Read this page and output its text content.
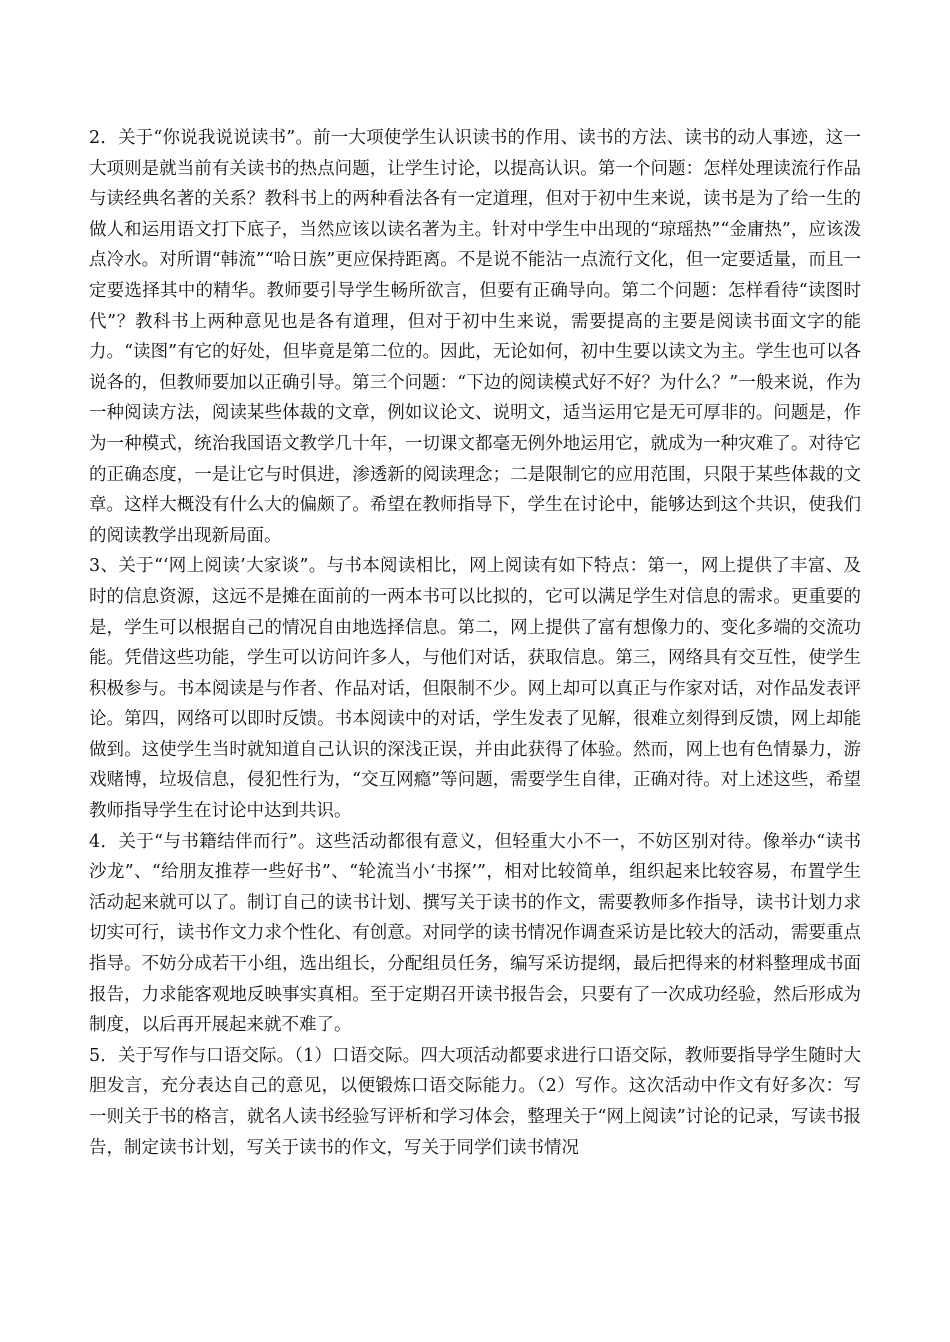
2．关于“你说我说说读书”。前一大项使学生认识读书的作用、读书的方法、读书的动人事迹，这一大项则是就当前有关读书的热点问题，让学生讨论，以提高认识。第一个问题：怎样处理读流行作品与读经典名著的关系？教科书上的两种看法各有一定道理，但对于初中生来说，读书是为了给一生的做人和运用语文打下底子，当然应该以读名著为主。针对中学生中出现的“琼瑶热”“金庸热”，应该泼点冷水。对所谓“韩流”“哈日族”更应保持距离。不是说不能沾一点流行文化，但一定要适量，而且一定要选择其中的精华。教师要引导学生畅所欲言，但要有正确导向。第二个问题：怎样看待“读图时代”？教科书上两种意见也是各有道理，但对于初中生来说，需要提高的主要是阅读书面文字的能力。“读图”有它的好处，但毕竟是第二位的。因此，无论如何，初中生要以读文为主。学生也可以各说各的，但教师要加以正确引导。第三个问题：“下边的阅读模式好不好？为什么？”一般来说，作为一种阅读方法，阅读某些体裁的文章，例如议论文、说明文，适当运用它是无可厚非的。问题是，作为一种模式，统治我国语文教学几十年，一切课文都毫无例外地运用它，就成为一种灾难了。对待它的正确态度，一是让它与时俱进，渗透新的阅读理念；二是限制它的应用范围，只限于某些体裁的文章。这样大概没有什么大的偏颇了。希望在教师指导下，学生在讨论中，能够达到这个共识，使我们的阅读教学出现新局面。

3、关于“‘网上阅读’大家谈”。与书本阅读相比，网上阅读有如下特点：第一，网上提供了丰富、及时的信息资源，这远不是摊在面前的一两本书可以比拟的，它可以满足学生对信息的需求。更重要的是，学生可以根据自己的情况自由地选择信息。第二，网上提供了富有想像力的、变化多端的交流功能。凭借这些功能，学生可以访问许多人，与他们对话，获取信息。第三，网络具有交互性，使学生积极参与。书本阅读是与作者、作品对话，但限制不少。网上却可以真正与作家对话，对作品发表评论。第四，网络可以即时反馈。书本阅读中的对话，学生发表了见解，很难立刻得到反馈，网上却能做到。这使学生当时就知道自己认识的深浅正误，并由此获得了体验。然而，网上也有色情暴力，游戏赌博，垃圾信息，侵犯性行为，“交互网瘾”等问题，需要学生自律，正确对待。对上述这些，希望教师指导学生在讨论中达到共识。

4．关于“与书籍结伴而行”。这些活动都很有意义，但轻重大小不一，不妨区别对待。像举办“读书沙龙”、“给朋友推荐一些好书”、“轮流当小‘书探’”，相对比较简单，组织起来比较容易，布置学生活动起来就可以了。制订自己的读书计划、撰写关于读书的作文，需要教师多作指导，读书计划力求切实可行，读书作文力求个性化、有创意。对同学的读书情况作调查采访是比较大的活动，需要重点指导。不妨分成若干小组，选出组长，分配组员任务，编写采访提纲，最后把得来的材料整理成书面报告，力求能客观地反映事实真相。至于定期召开读书报告会，只要有了一次成功经验，然后形成为制度，以后再开展起来就不难了。

5．关于写作与口语交际。（1）口语交际。四大项活动都要求进行口语交际，教师要指导学生随时大胆发言，充分表达自己的意见，以便锻炼口语交际能力。（2）写作。这次活动中作文有好多次：写一则关于书的格言，就名人读书经验写评析和学习体会，整理关于“网上阅读”讨论的记录，写读书报告，制定读书计划，写关于读书的作文，写关于同学们读书情况
